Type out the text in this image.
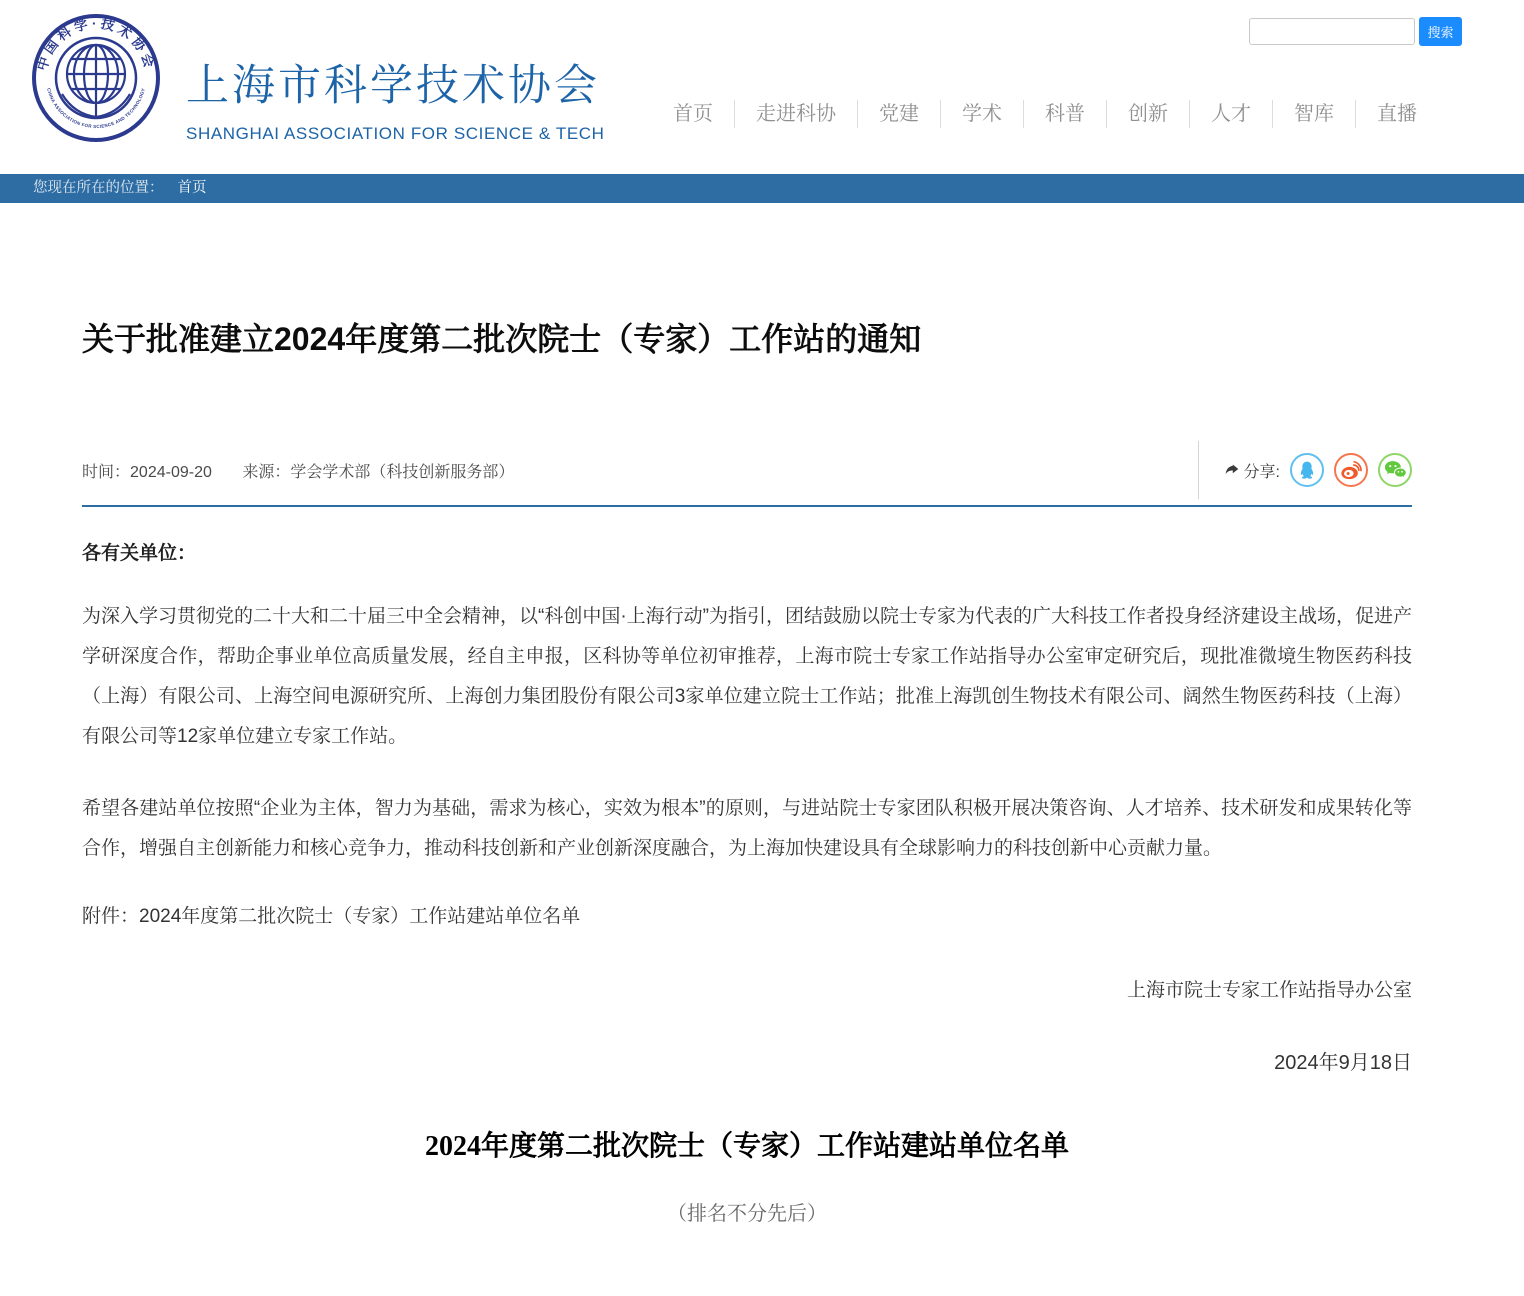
中国科学·技术协会
CHINA ASSOCIATION FOR SCIENCE AND TECHNOLOGY 上海市科学技术协会
SHANGHAI ASSOCIATION FOR SCIENCE & TECH
搜索
首页	走进科协	党建	学术	科普	创新	人才	智库	直播
您现在所在的位置： 首页
关于批准建立2024年度第二批次院士（专家）工作站的通知
时间：2024-09-20 来源：学会学术部（科技创新服务部）	分享:
各有关单位：

为深入学习贯彻党的二十大和二十届三中全会精神，以“科创中国·上海行动”为指引，团结鼓励以院士专家为代表的广大科技工作者投身经济建设主战场，促进产学研深度合作，帮助企事业单位高质量发展，经自主申报，区科协等单位初审推荐，上海市院士专家工作站指导办公室审定研究后，现批准微境生物医药科技（上海）有限公司、上海空间电源研究所、上海创力集团股份有限公司3家单位建立院士工作站；批准上海凯创生物技术有限公司、阔然生物医药科技（上海）有限公司等12家单位建立专家工作站。

希望各建站单位按照“企业为主体，智力为基础，需求为核心，实效为根本”的原则，与进站院士专家团队积极开展决策咨询、人才培养、技术研发和成果转化等合作，增强自主创新能力和核心竞争力，推动科技创新和产业创新深度融合，为上海加快建设具有全球影响力的科技创新中心贡献力量。

附件：2024年度第二批次院士（专家）工作站建站单位名单
上海市院士专家工作站指导办公室
2024年9月18日
2024年度第二批次院士（专家）工作站建站单位名单
（排名不分先后）
